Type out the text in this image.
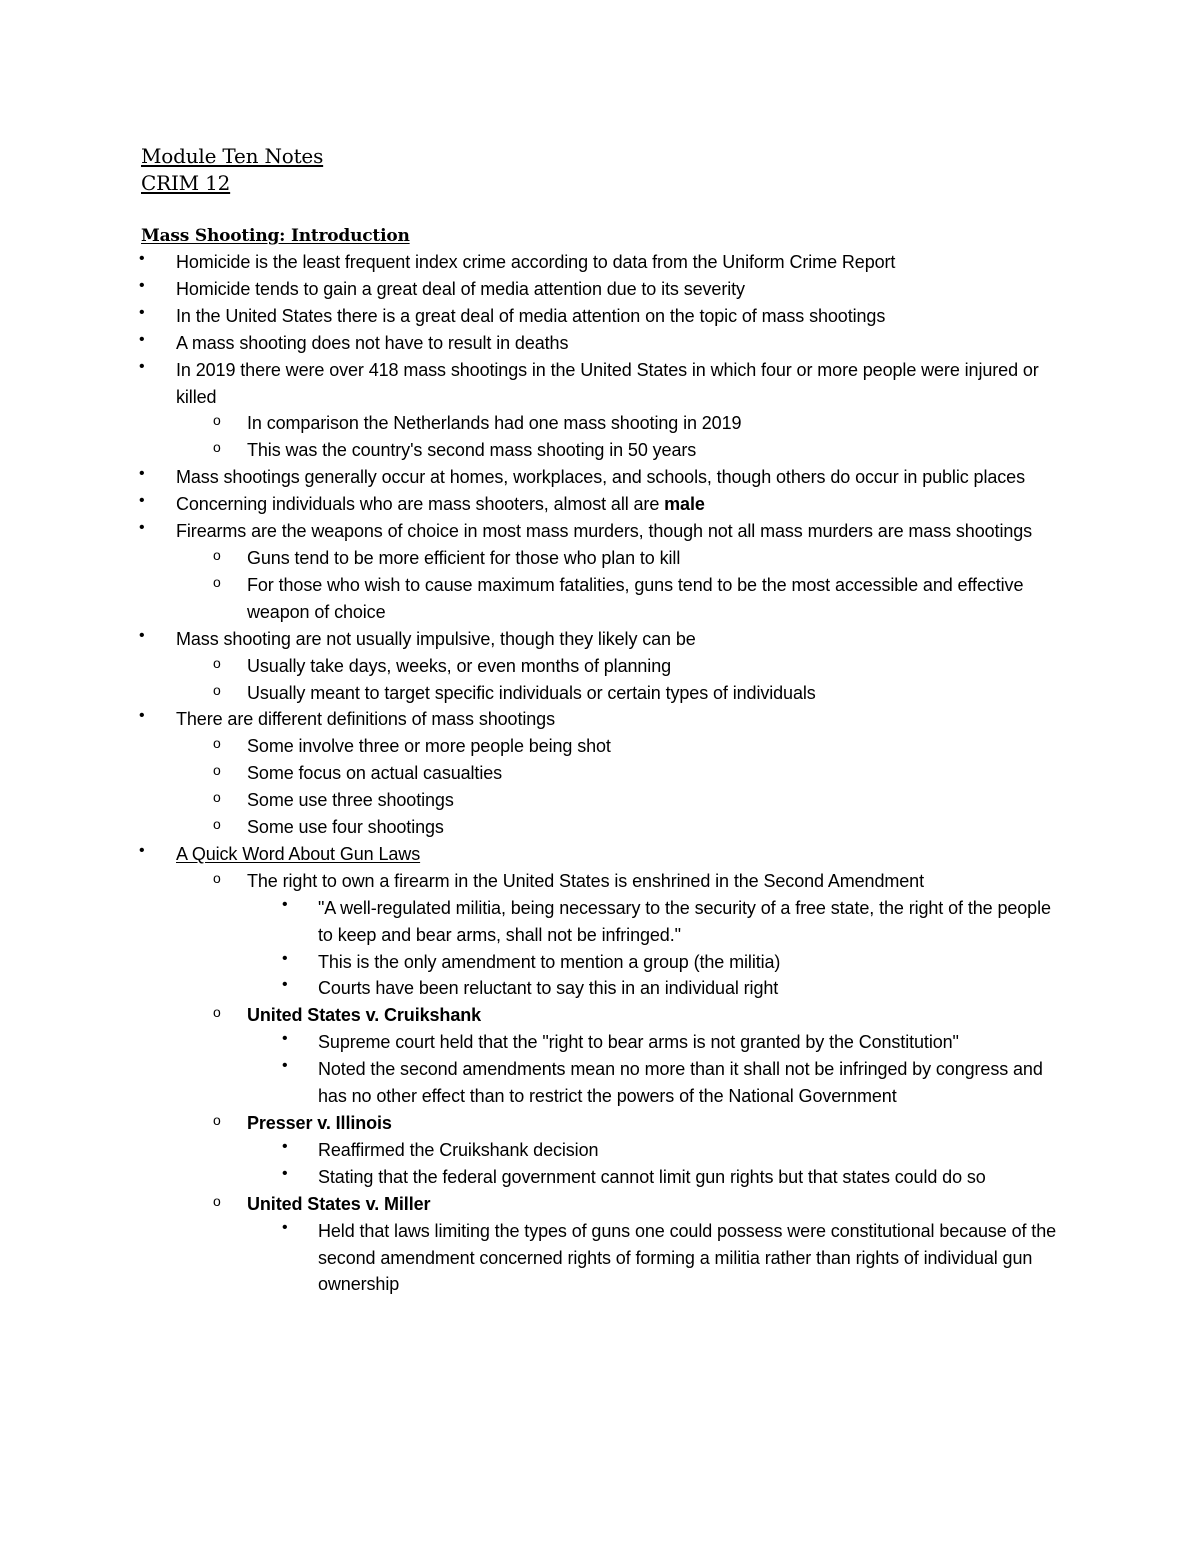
Module Ten Notes
CRIM 12
Mass Shooting: Introduction
• Homicide is the least frequent index crime according to data from the Uniform Crime Report
• Homicide tends to gain a great deal of media attention due to its severity
• In the United States there is a great deal of media attention on the topic of mass shootings
• A mass shooting does not have to result in deaths
• In 2019 there were over 418 mass shootings in the United States in which four or more people were injured or killed
o In comparison the Netherlands had one mass shooting in 2019
o This was the country's second mass shooting in 50 years
• Mass shootings generally occur at homes, workplaces, and schools, though others do occur in public places
• Concerning individuals who are mass shooters, almost all are male
• Firearms are the weapons of choice in most mass murders, though not all mass murders are mass shootings
o Guns tend to be more efficient for those who plan to kill
o For those who wish to cause maximum fatalities, guns tend to be the most accessible and effective weapon of choice
• Mass shooting are not usually impulsive, though they likely can be
o Usually take days, weeks, or even months of planning
o Usually meant to target specific individuals or certain types of individuals
• There are different definitions of mass shootings
o Some involve three or more people being shot
o Some focus on actual casualties
o Some use three shootings
o Some use four shootings
• A Quick Word About Gun Laws
o The right to own a firearm in the United States is enshrined in the Second Amendment
• "A well-regulated militia, being necessary to the security of a free state, the right of the people to keep and bear arms, shall not be infringed."
• This is the only amendment to mention a group (the militia)
• Courts have been reluctant to say this in an individual right
o United States v. Cruikshank
• Supreme court held that the "right to bear arms is not granted by the Constitution"
• Noted the second amendments mean no more than it shall not be infringed by congress and has no other effect than to restrict the powers of the National Government
o Presser v. Illinois
• Reaffirmed the Cruikshank decision
• Stating that the federal government cannot limit gun rights but that states could do so
o United States v. Miller
• Held that laws limiting the types of guns one could possess were constitutional because of the second amendment concerned rights of forming a militia rather than rights of individual gun ownership
